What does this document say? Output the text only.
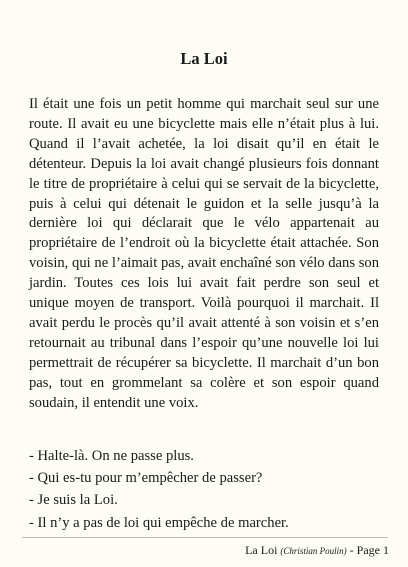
La Loi

Il était une fois un petit homme qui marchait seul sur une route. Il avait eu une bicyclette mais elle n’était plus à lui. Quand il l’avait achetée, la loi disait qu’il en était le détenteur. Depuis la loi avait changé plusieurs fois donnant le titre de propriétaire à celui qui se servait de la bicyclette, puis à celui qui détenait le guidon et la selle jusqu’à la dernière loi qui déclarait que le vélo appartenait au propriétaire de l’endroit où la bicyclette était attachée. Son voisin, qui ne l’aimait pas, avait enchaîné son vélo dans son jardin. Toutes ces lois lui avait fait perdre son seul et unique moyen de transport. Voilà pourquoi il marchait. Il avait perdu le procès qu’il avait attenté à son voisin et s’en retournait au tribunal dans l’espoir qu’une nouvelle loi lui permettrait de récupérer sa bicyclette. Il marchait d’un bon pas, tout en grommelant sa colère et son espoir quand soudain, il entendit une voix.

- Halte-là. On ne passe plus.
- Qui es-tu pour m’empêcher de passer?
- Je suis la Loi.
- Il n’y a pas de loi qui empêche de marcher.
La Loi (Christian Poulin) - Page 1
